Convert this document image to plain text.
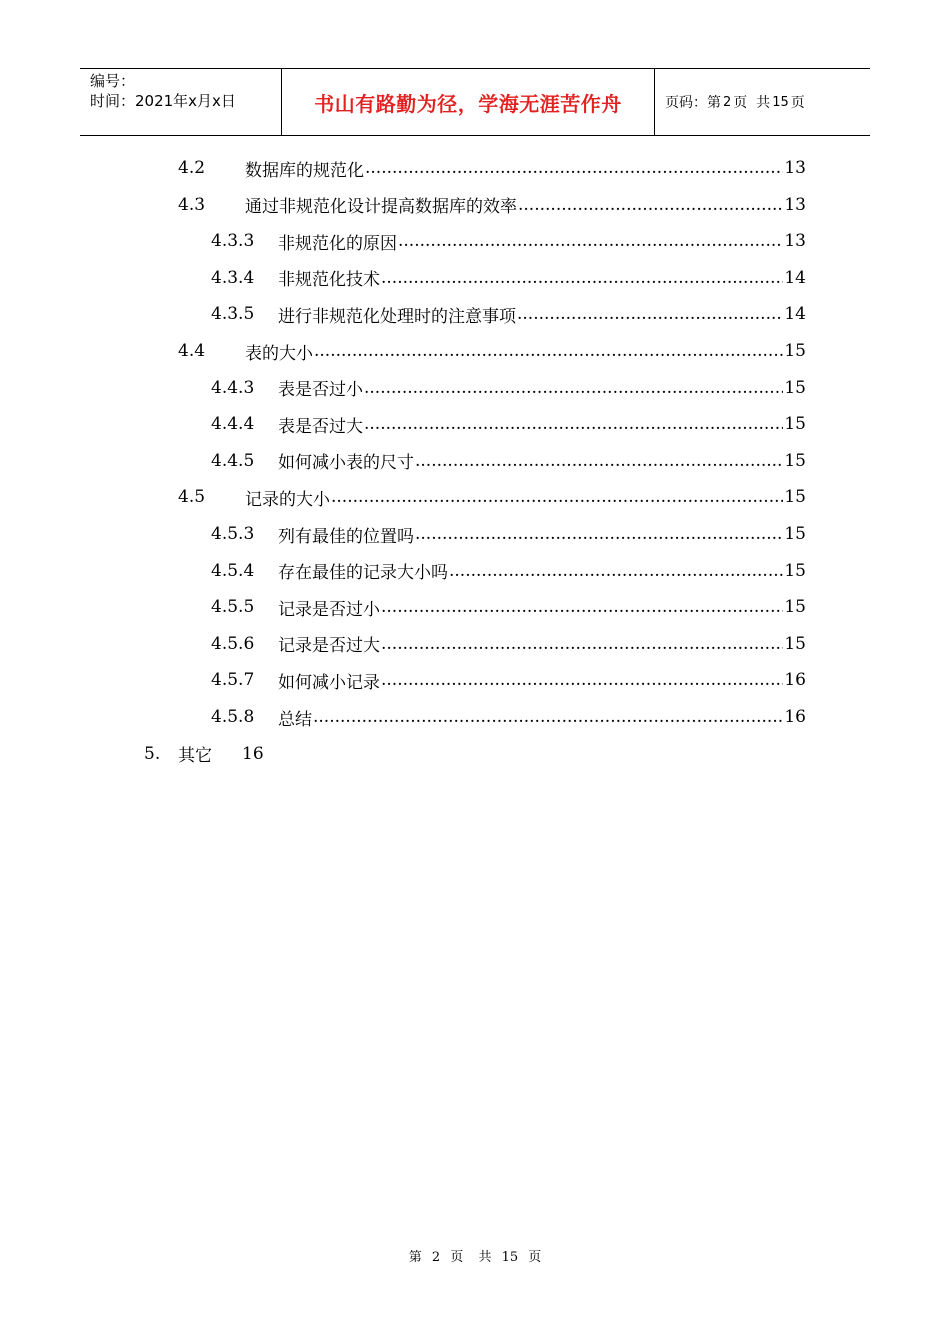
编号：
时间：2021年x月x日	书山有路勤为径，学海无涯苦作舟	页码：第 2 页  共 15 页
4.2	数据库的规范化 .....	13
4.3	通过非规范化设计提高数据库的效率 .....	13
4.3.3	非规范化的原因 .....	13
4.3.4	非规范化技术 .....	14
4.3.5	进行非规范化处理时的注意事项 .....	14
4.4	表的大小 .....	15
4.4.3	表是否过小 .....	15
4.4.4	表是否过大 .....	15
4.4.5	如何减小表的尺寸 .....	15
4.5	记录的大小 .....	15
4.5.3	列有最佳的位置吗 .....	15
4.5.4	存在最佳的记录大小吗 .....	15
4.5.5	记录是否过小 .....	15
4.5.6	记录是否过大 .....	15
4.5.7	如何减小记录 .....	16
4.5.8	总结 .....	16
5.	其它 16
第 2 页 共 15 页
